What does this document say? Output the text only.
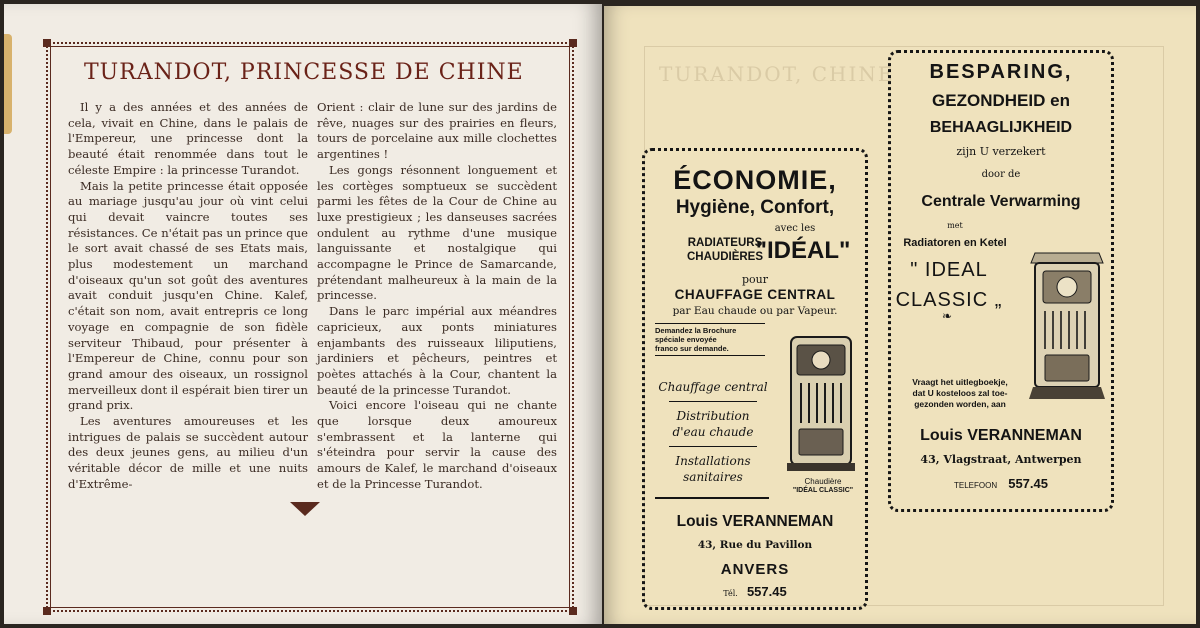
TURANDOT, PRINCESSE DE CHINE

Il y a des années et des années de cela, vivait en Chine, dans le palais de l'Empereur, une princesse dont la beauté était renommée dans tout le céleste Empire : la princesse Turandot.

Mais la petite princesse était opposée au mariage jusqu'au jour où vint celui qui devait vaincre toutes ses résistances. Ce n'était pas un prince que le sort avait chassé de ses Etats mais, plus modestement un marchand d'oiseaux qu'un sot goût des aventures avait conduit jusqu'en Chine. Kalef, c'était son nom, avait entrepris ce long voyage en compagnie de son fidèle serviteur Thibaud, pour présenter à l'Empereur de Chine, connu pour son grand amour des oiseaux, un rossignol merveilleux dont il espérait bien tirer un grand prix.

Les aventures amoureuses et les intrigues de palais se succèdent autour des deux jeunes gens, au milieu d'un véritable décor de mille et une nuits d'Extrême-

Orient : clair de lune sur des jardins de rêve, nuages sur des prairies en fleurs, tours de porcelaine aux mille clochettes argentines !

Les gongs résonnent longuement et les cortèges somptueux se succèdent parmi les fêtes de la Cour de Chine au luxe prestigieux ; les danseuses sacrées ondulent au rythme d'une musique languissante et nostalgique qui accompagne le Prince de Samarcande, prétendant malheureux à la main de la princesse.

Dans le parc impérial aux méandres capricieux, aux ponts miniatures enjambants des ruisseaux liliputiens, jardiniers et pêcheurs, peintres et poètes attachés à la Cour, chantent la beauté de la princesse Turandot.

Voici encore l'oiseau qui ne chante que lorsque deux amoureux s'embrassent et la lanterne qui s'éteindra pour servir la cause des amours de Kalef, le marchand d'oiseaux et de la Princesse Turandot.

TURANDOT, CHINE
ÉCONOMIE,
Hygiène, Confort,
avec les
RADIATEURS
CHAUDIÈRES
"IDÉAL"
pour
CHAUFFAGE CENTRAL
par Eau chaude ou par Vapeur.
Demandez la Brochure
spéciale envoyée
franco sur demande.
Chauffage central
Distribution
d'eau chaude
Installations
sanitaires	Chaudière
"IDÉAL CLASSIC"
Louis VERANNEMAN
43, Rue du Pavillon
ANVERS
Tél. 557.45
BESPARING,
GEZONDHEID en
BEHAAGLIJKHEID
zijn U verzekert
door de
Centrale Verwarming
met
Radiatoren en Ketel
" IDEAL
CLASSIC „
❧
Vraagt het uitlegboekje,
dat U kosteloos zal toe-
gezonden worden, aan
Louis VERANNEMAN
43, Vlagstraat, Antwerpen
TELEFOON 557.45
